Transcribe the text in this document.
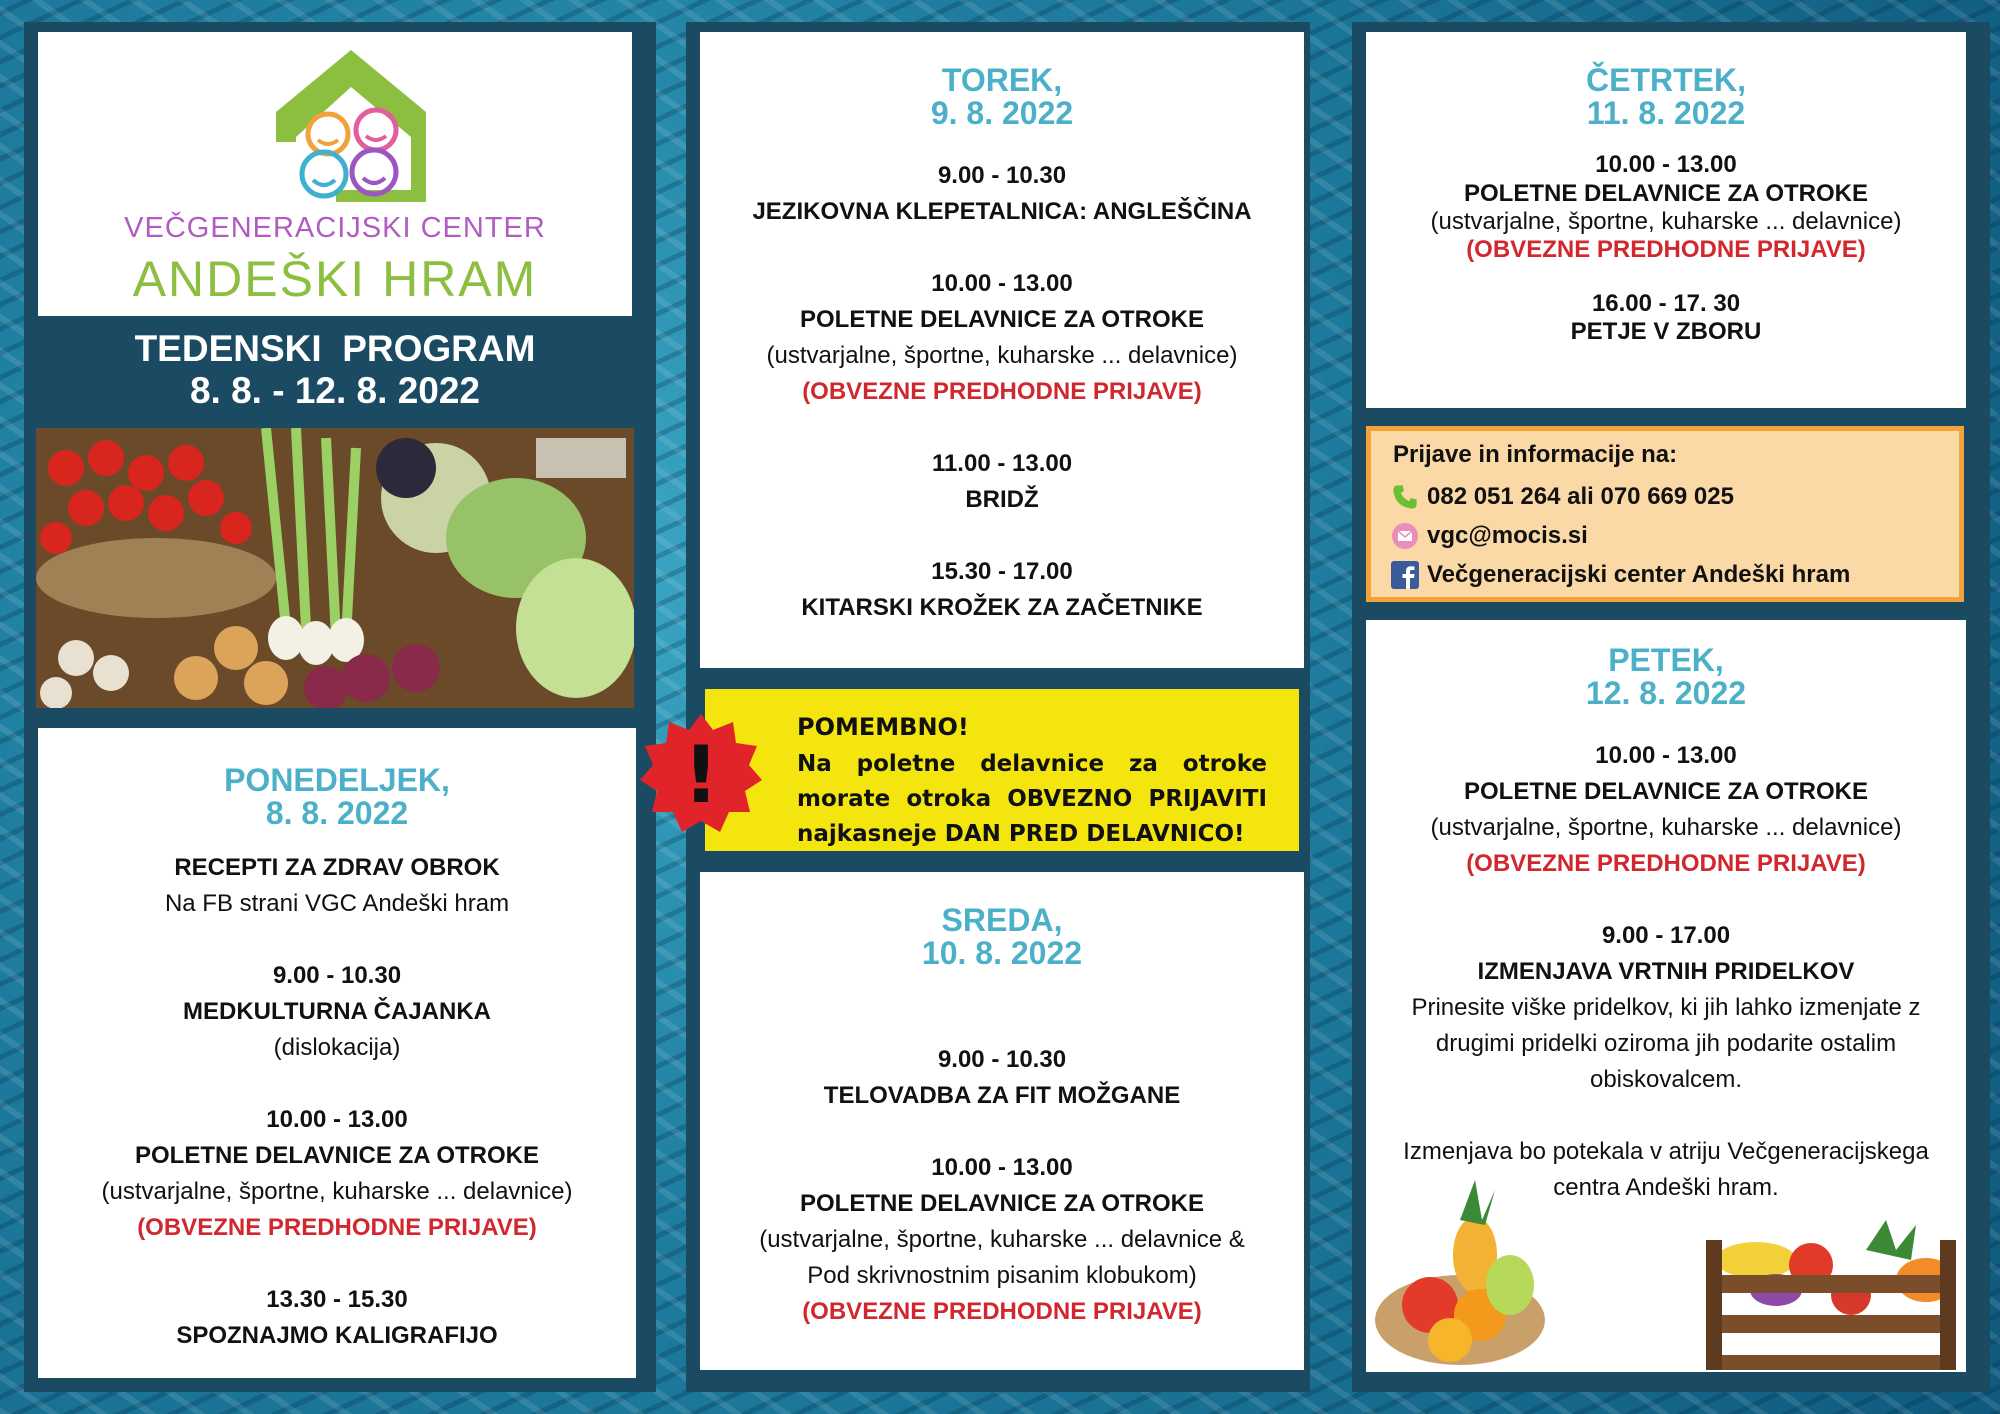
VEČGENERACIJSKI CENTER
ANDEŠKI HRAM
TEDENSKI  PROGRAM
8. 8. - 12. 8. 2022
PONEDELJEK,
8. 8. 2022
RECEPTI ZA ZDRAV OBROK
Na FB strani VGC Andeški hram
9.00 - 10.30
MEDKULTURNA ČAJANKA
(dislokacija)
10.00 - 13.00
POLETNE DELAVNICE ZA OTROKE
(ustvarjalne, športne, kuharske ... delavnice)
(OBVEZNE PREDHODNE PRIJAVE)
13.30 - 15.30
SPOZNAJMO KALIGRAFIJO
TOREK,
9. 8. 2022
9.00 - 10.30
JEZIKOVNA KLEPETALNICA: ANGLEŠČINA
10.00 - 13.00
POLETNE DELAVNICE ZA OTROKE
(ustvarjalne, športne, kuharske ... delavnice)
(OBVEZNE PREDHODNE PRIJAVE)
11.00 - 13.00
BRIDŽ
15.30 - 17.00
KITARSKI KROŽEK ZA ZAČETNIKE
POMEMBNO!
Na poletne delavnice za otroke morate otroka OBVEZNO PRIJAVITI najkasneje DAN PRED DELAVNICO!
!
SREDA,
10. 8. 2022
9.00 - 10.30
TELOVADBA ZA FIT MOŽGANE
10.00 - 13.00
POLETNE DELAVNICE ZA OTROKE
(ustvarjalne, športne, kuharske ... delavnice &
Pod skrivnostnim pisanim klobukom)
(OBVEZNE PREDHODNE PRIJAVE)
ČETRTEK,
11. 8. 2022
10.00 - 13.00
POLETNE DELAVNICE ZA OTROKE
(ustvarjalne, športne, kuharske ... delavnice)
(OBVEZNE PREDHODNE PRIJAVE)
16.00 - 17. 30
PETJE V ZBORU
Prijave in informacije na:
082 051 264 ali 070 669 025
vgc@mocis.si
Večgeneracijski center Andeški hram
PETEK,
12. 8. 2022
10.00 - 13.00
POLETNE DELAVNICE ZA OTROKE
(ustvarjalne, športne, kuharske ... delavnice)
(OBVEZNE PREDHODNE PRIJAVE)
9.00 - 17.00
IZMENJAVA VRTNIH PRIDELKOV
Prinesite viške pridelkov, ki jih lahko izmenjate z drugimi pridelki oziroma jih podarite ostalim obiskovalcem.
Izmenjava bo potekala v atriju Večgeneracijskega centra Andeški hram.
